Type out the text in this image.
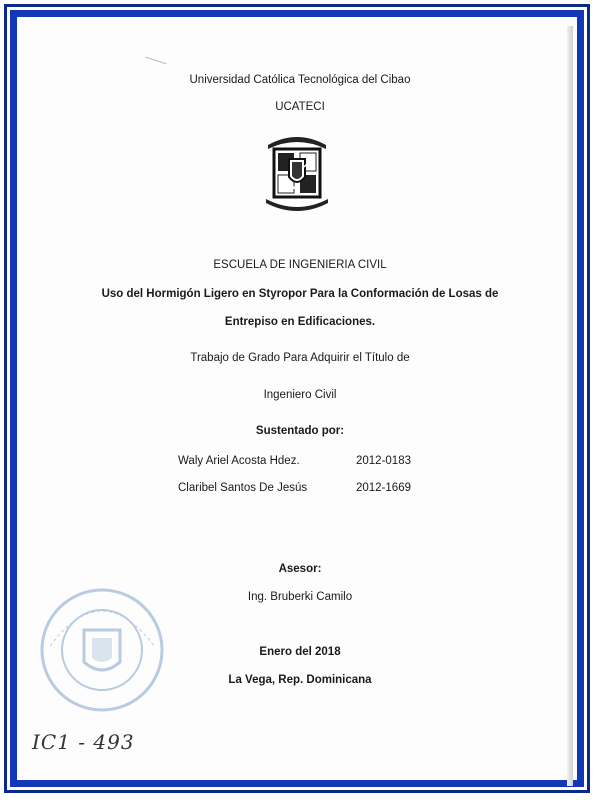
Universidad Católica Tecnológica del Cibao
UCATECI
1983
ESCUELA DE INGENIERIA CIVIL
Uso del Hormigón Ligero en Styropor Para la Conformación de Losas de
Entrepiso en Edificaciones.
Trabajo de Grado Para Adquirir el Título de
Ingeniero Civil
Sustentado por:
Waly Ariel Acosta Hdez.	2012-0183
Claribel Santos De Jesús	2012-1669
Asesor:
Ing. Bruberki Camilo
Enero del 2018
La Vega, Rep. Dominicana
IC1 - 493
